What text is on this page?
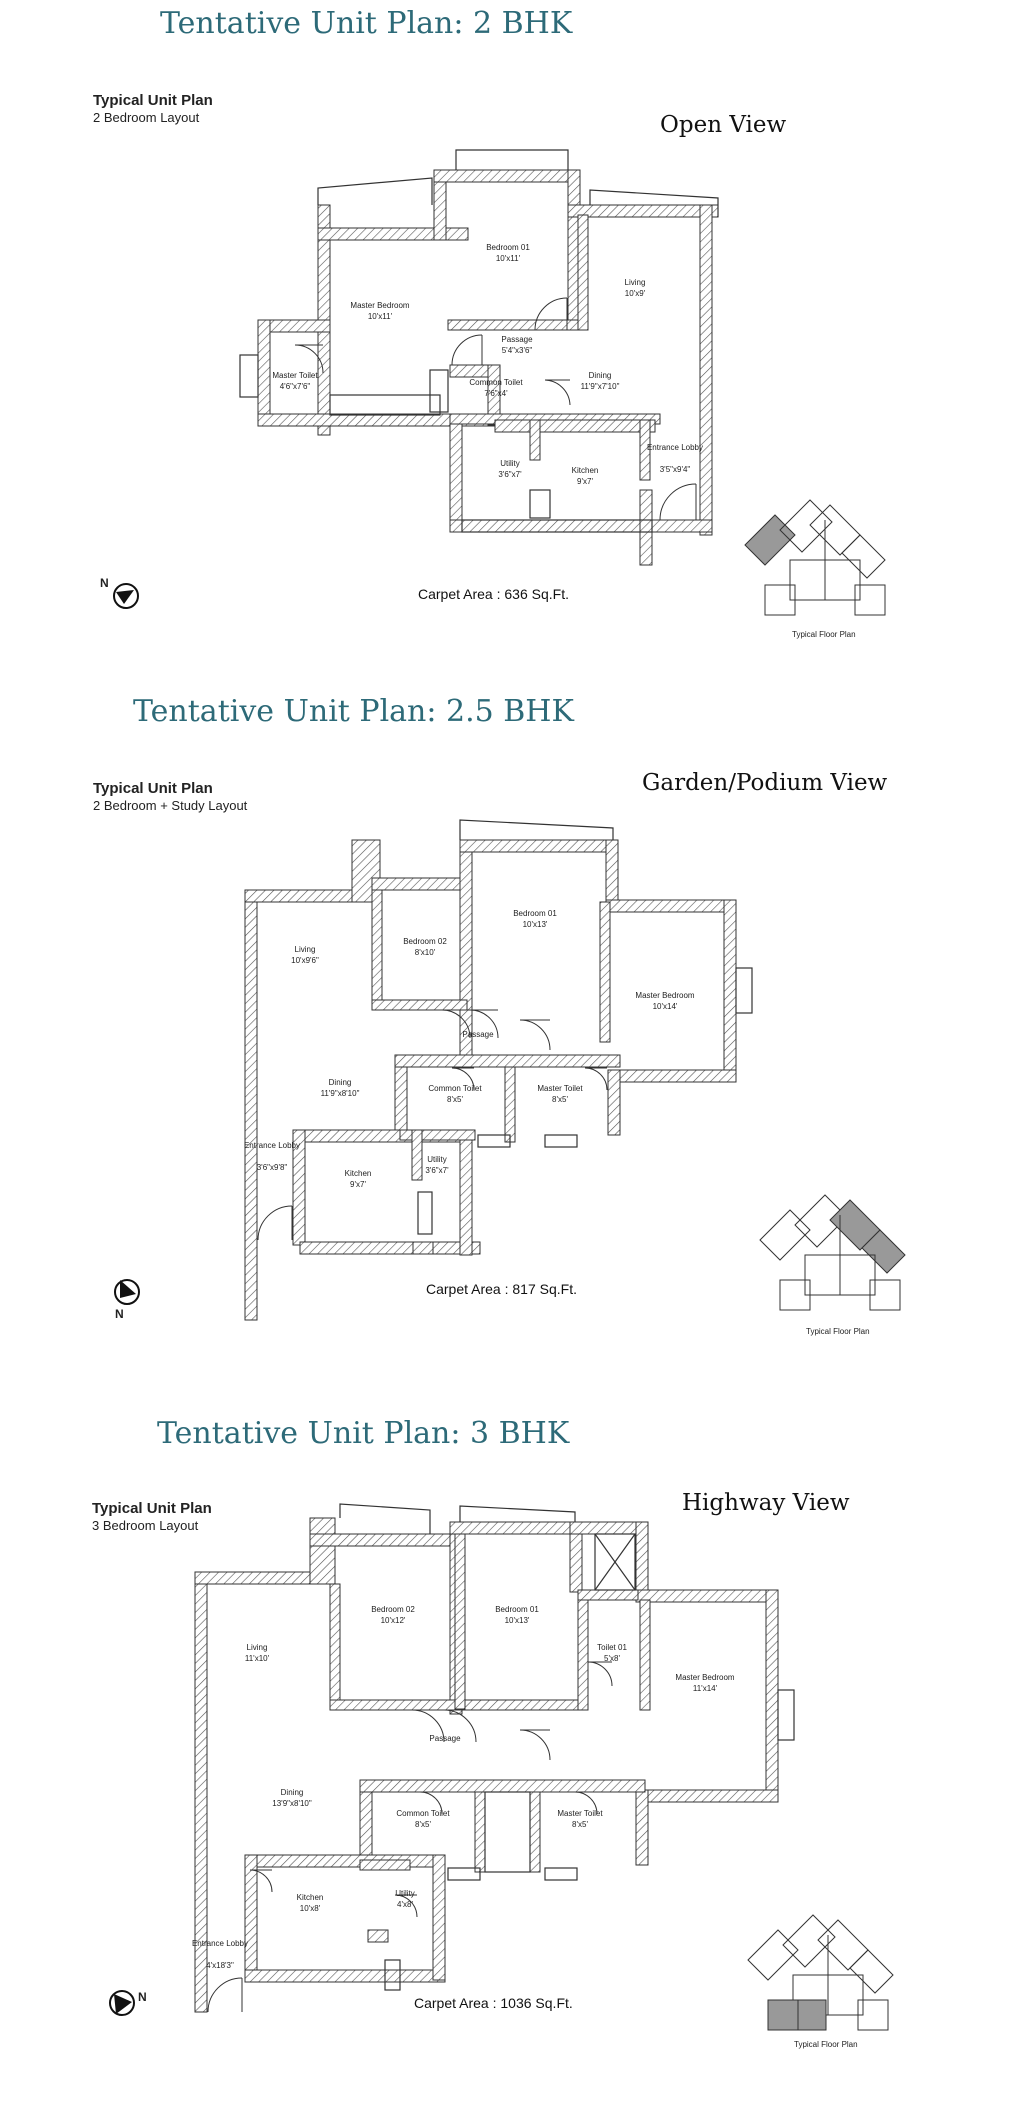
Tentative Unit Plan: 2 BHK
Typical Unit Plan
2 Bedroom Layout	Open View
Bedroom 01
10'x11'
Master Bedroom
10'x11'
Living
10'x9'
Passage
5'4"x3'6"
Master Toilet
4'6"x7'6"	Common Toilet
7'6"x4'
Dining
11'9"x7'10"
Utility
3'6"x7'	Kitchen
9'x7'
Entrance Lobby
3'5"x9'4"
N
Carpet Area : 636 Sq.Ft.
Typical Floor Plan
Tentative Unit Plan: 2.5 BHK
Typical Unit Plan
2 Bedroom + Study Layout
Garden/Podium View
Living
10'x9'6"
Bedroom 02
8'x10'
Bedroom 01
10'x13'
Master Bedroom
10'x14'
Passage
Dining
11'9"x8'10"
Common Toilet
8'x5'
Master Toilet
8'x5'
Entrance Lobby
3'6"x9'8"
Kitchen
9'x7'
Utility
3'6"x7'
N
Carpet Area : 817 Sq.Ft.
Typical Floor Plan
Tentative Unit Plan: 3 BHK
Typical Unit Plan
3 Bedroom Layout
Highway View
Living
11'x10'
Bedroom 02
10'x12'
Bedroom 01
10'x13'
Toilet 01
5'x8'
Master Bedroom
11'x14'
Passage
Dining
13'9"x8'10"
Common Toilet
8'x5'
Master Toilet
8'x5'
Kitchen
10'x8'
Utility
4'x8'
Entrance Lobby
4'x18'3"
N	Carpet Area : 1036 Sq.Ft.
Typical Floor Plan
